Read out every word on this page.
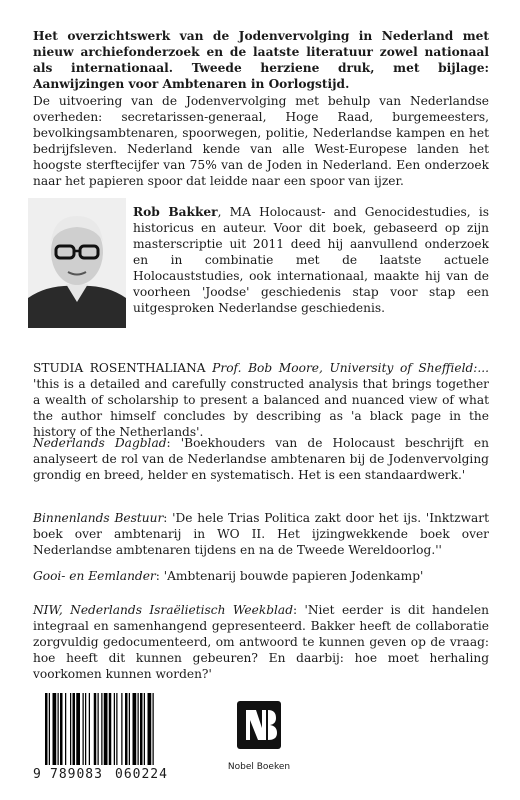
Het overzichtswerk van de Jodenvervolging in Nederland met nieuw archiefonderzoek en de laatste literatuur zowel nationaal als internationaal. Tweede herziene druk, met bijlage: Aanwijzingen voor Ambtenaren in Oorlogstijd.
De uitvoering van de Jodenvervolging met behulp van Nederlandse overheden: secretarissen-generaal, Hoge Raad, burgemeesters, bevolkingsambtenaren, spoorwegen, politie, Nederlandse kampen en het bedrijfsleven. Nederland kende van alle West-Europese landen het hoogste sterftecijfer van 75% van de Joden in Nederland. Een onderzoek naar het papieren spoor dat leidde naar een spoor van ijzer.
Rob Bakker, MA Holocaust- and Genocidestudies, is historicus en auteur. Voor dit boek, gebaseerd op zijn masterscriptie uit 2011 deed hij aanvullend onderzoek en in combinatie met de laatste actuele Holocauststudies, ook internationaal, maakte hij van de voorheen 'Joodse' geschiedenis stap voor stap een uitgesproken Nederlandse geschiedenis.
STUDIA ROSENTHALIANA Prof. Bob Moore, University of Sheffield:... 'this is a detailed and carefully constructed analysis that brings together a wealth of scholarship to present a balanced and nuanced view of what the author himself concludes by describing as 'a black page in the history of the Netherlands'.
Nederlands Dagblad: 'Boekhouders van de Holocaust beschrijft en analyseert de rol van de Nederlandse ambtenaren bij de Jodenvervolging grondig en breed, helder en systematisch. Het is een standaardwerk.'
Binnenlands Bestuur: 'De hele Trias Politica zakt door het ijs. 'Inktzwart boek over ambtenarij in WO II. Het ijzingwekkende boek over Nederlandse ambtenaren tijdens en na de Tweede Wereldoorlog.''
Gooi- en Eemlander: 'Ambtenarij bouwde papieren Jodenkamp'
NIW, Nederlands Israëlietisch Weekblad: 'Niet eerder is dit handelen integraal en samenhangend gepresenteerd. Bakker heeft de collaboratie zorgvuldig gedocumenteerd, om antwoord te kunnen geven op de vraag: hoe heeft dit kunnen gebeuren? En daarbij: hoe moet herhaling voorkomen kunnen worden?'
9 789083 060224	Nobel Boeken
